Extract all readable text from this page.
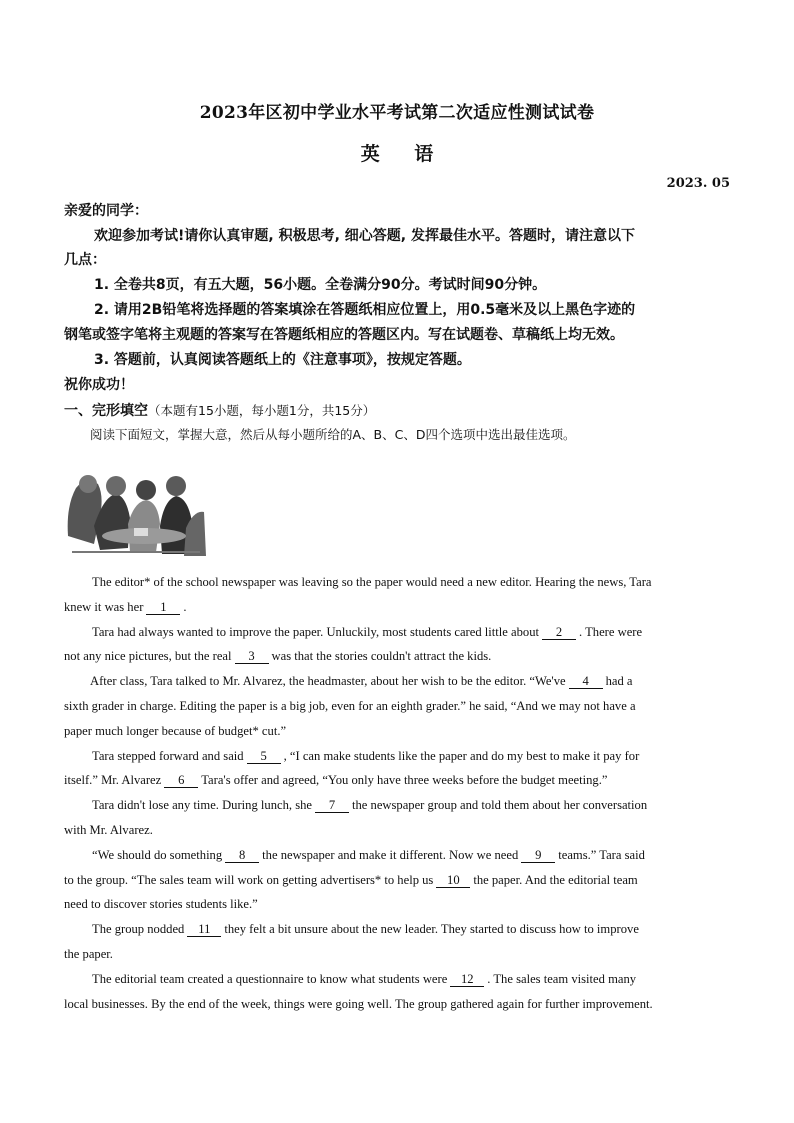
2023年区初中学业水平考试第二次适应性测试试卷
英 语
2023. 05
亲爱的同学：
欢迎参加考试!请你认真审题, 积极思考, 细心答题, 发挥最佳水平。答题时，请注意以下
几点：
1. 全卷共8页，有五大题，56小题。全卷满分90分。考试时间90分钟。
2. 请用2B铅笔将选择题的答案填涂在答题纸相应位置上，用0.5毫米及以上黑色字迹的
钢笔或签字笔将主观题的答案写在答题纸相应的答题区内。写在试题卷、草稿纸上均无效。
3. 答题前，认真阅读答题纸上的《注意事项》，按规定答题。
祝你成功！
一、完形填空（本题有15小题，每小题1分，共15分）
阅读下面短文，掌握大意，然后从每小题所给的A、B、C、D四个选项中选出最佳选项。
The editor* of the school newspaper was leaving so the paper would need a new editor. Hearing the news, Tara
knew it was her 1 .
Tara had always wanted to improve the paper. Unluckily, most students cared little about 2 . There were
not any nice pictures, but the real 3 was that the stories couldn't attract the kids.
After class, Tara talked to Mr. Alvarez, the headmaster, about her wish to be the editor. “We've 4 had a
sixth grader in charge. Editing the paper is a big job, even for an eighth grader.” he said, “And we may not have a
paper much longer because of budget* cut.”
Tara stepped forward and said 5 , “I can make students like the paper and do my best to make it pay for
itself.” Mr. Alvarez 6 Tara's offer and agreed, “You only have three weeks before the budget meeting.”
Tara didn't lose any time. During lunch, she 7 the newspaper group and told them about her conversation
with Mr. Alvarez.
“We should do something 8 the newspaper and make it different. Now we need 9 teams.” Tara said
to the group. “The sales team will work on getting advertisers* to help us 10 the paper. And the editorial team
need to discover stories students like.”
The group nodded 11 they felt a bit unsure about the new leader. They started to discuss how to improve
the paper.
The editorial team created a questionnaire to know what students were 12 . The sales team visited many
local businesses. By the end of the week, things were going well. The group gathered again for further improvement.
